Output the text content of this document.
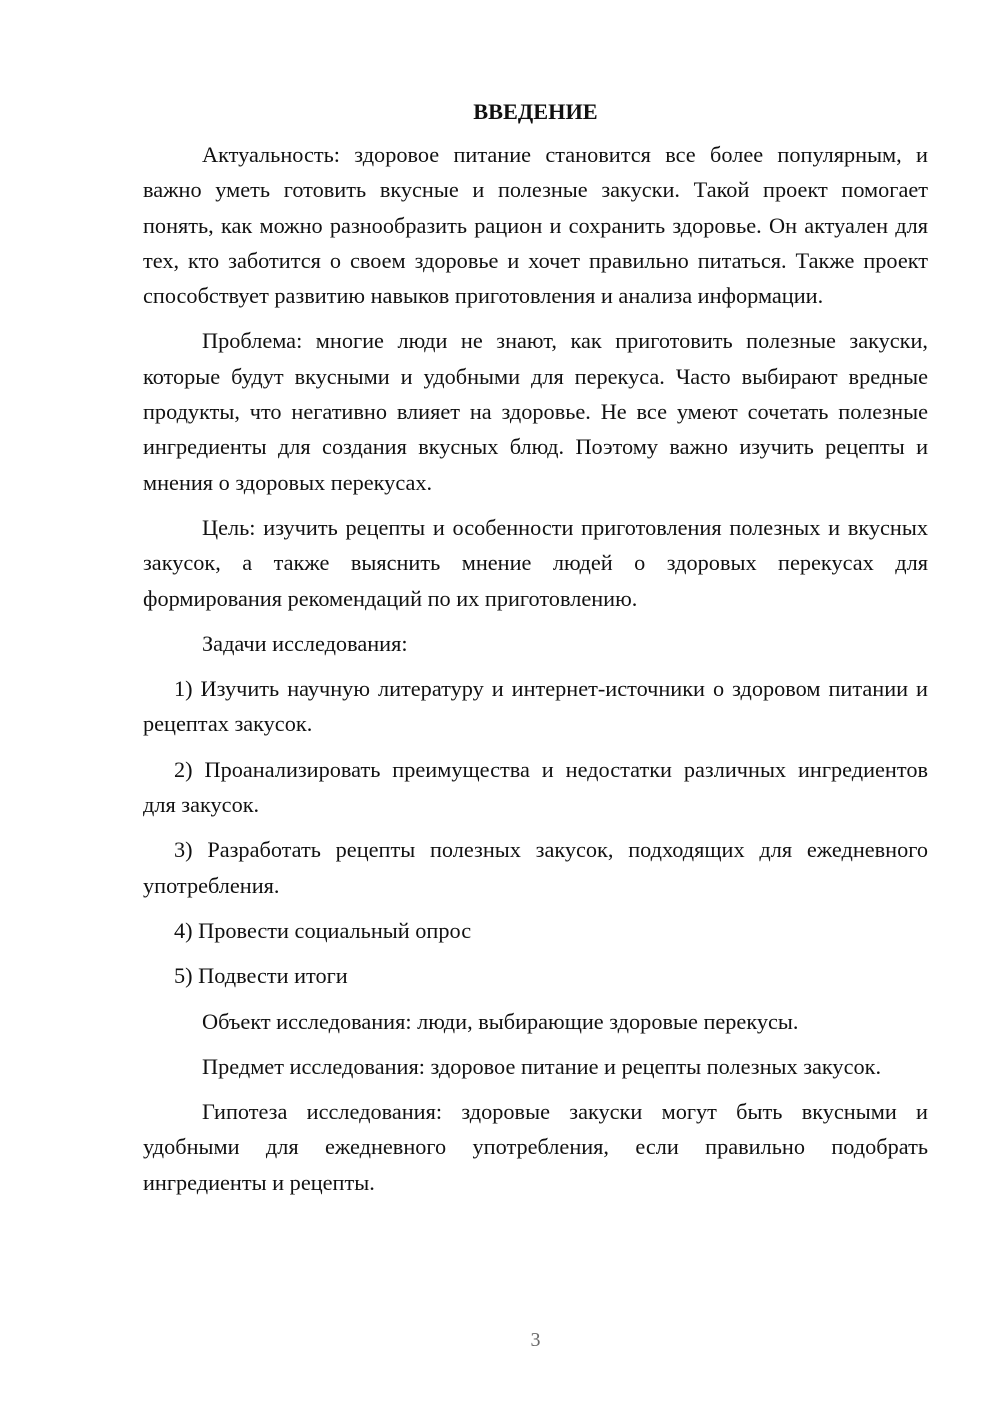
ВВЕДЕНИЕ

Актуальность: здоровое питание становится все более популярным, и важно уметь готовить вкусные и полезные закуски. Такой проект помогает понять, как можно разнообразить рацион и сохранить здоровье. Он актуален для тех, кто заботится о своем здоровье и хочет правильно питаться. Также проект способствует развитию навыков приготовления и анализа информации.

Проблема: многие люди не знают, как приготовить полезные закуски, которые будут вкусными и удобными для перекуса. Часто выбирают вредные продукты, что негативно влияет на здоровье. Не все умеют сочетать полезные ингредиенты для создания вкусных блюд. Поэтому важно изучить рецепты и мнения о здоровых перекусах.

Цель: изучить рецепты и особенности приготовления полезных и вкусных закусок, а также выяснить мнение людей о здоровых перекусах для формирования рекомендаций по их приготовлению.

Задачи исследования:

1) Изучить научную литературу и интернет-источники о здоровом питании и рецептах закусок.

2) Проанализировать преимущества и недостатки различных ингредиентов для закусок.

3) Разработать рецепты полезных закусок, подходящих для ежедневного употребления.

4) Провести социальный опрос

5) Подвести итоги

Объект исследования: люди, выбирающие здоровые перекусы.

Предмет исследования: здоровое питание и рецепты полезных закусок.

Гипотеза исследования: здоровые закуски могут быть вкусными и удобными для ежедневного употребления, если правильно подобрать ингредиенты и рецепты.

3
